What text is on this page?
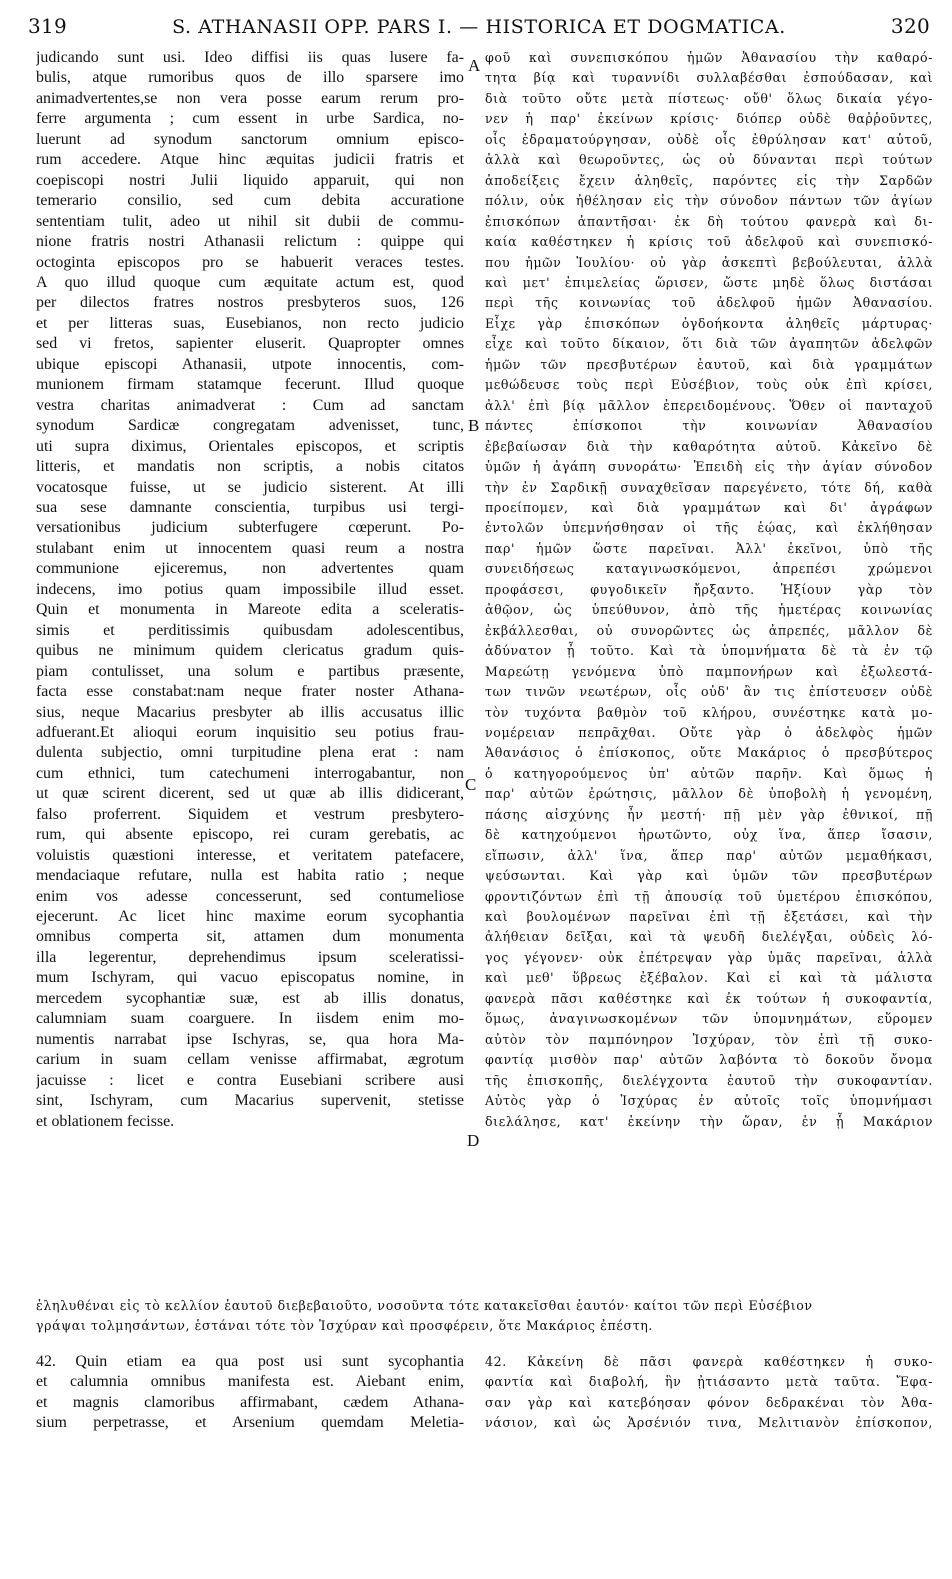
319	S. ATHANASII OPP. PARS I. — HISTORICA ET DOGMATICA.	320
judicando sunt usi. Ideo diffisi iis quas lusere fa-
bulis, atque rumoribus quos de illo sparsere imo
animadvertentes,se non vera posse earum rerum pro-
ferre argumenta ; cum essent in urbe Sardica, no-
luerunt ad synodum sanctorum omnium episco-
rum accedere. Atque hinc æquitas judicii fratris et
coepiscopi nostri Julii liquido apparuit, qui non
temerario consilio, sed cum debita accuratione
sententiam tulit, adeo ut nihil sit dubii de commu-
nione fratris nostri Athanasii relictum : quippe qui
octoginta episcopos pro se habuerit veraces testes.
A quo illud quoque cum æquitate actum est, quod
per dilectos fratres nostros presbyteros suos, 126
et per litteras suas, Eusebianos, non recto judicio
sed vi fretos, sapienter eluserit. Quapropter omnes
ubique episcopi Athanasii, utpote innocentis, com-
munionem firmam statamque fecerunt. Illud quoque
vestra charitas animadverat : Cum ad sanctam
synodum Sardicæ congregatam advenisset, tunc,
uti supra diximus, Orientales episcopos, et scriptis
litteris, et mandatis non scriptis, a nobis citatos
vocatosque fuisse, ut se judicio sisterent. At illi
sua sese damnante conscientia, turpibus usi tergi-
versationibus judicium subterfugere cœperunt. Po-
stulabant enim ut innocentem quasi reum a nostra
communione ejiceremus, non advertentes quam
indecens, imo potius quam impossibile illud esset.
Quin et monumenta in Mareote edita a sceleratis-
simis et perditissimis quibusdam adolescentibus,
quibus ne minimum quidem clericatus gradum quis-
piam contulisset, una solum e partibus præsente,
facta esse constabat:nam neque frater noster Athana-
sius, neque Macarius presbyter ab illis accusatus illic
adfuerant.Et alioqui eorum inquisitio seu potius frau-
dulenta subjectio, omni turpitudine plena erat : nam
cum ethnici, tum catechumeni interrogabantur, non
ut quæ scirent dicerent, sed ut quæ ab illis didicerant,
falso proferrent. Siquidem et vestrum presbytero-
rum, qui absente episcopo, rei curam gerebatis, ac
voluistis quæstioni interesse, et veritatem patefacere,
mendaciaque refutare, nulla est habita ratio ; neque
enim vos adesse concesserunt, sed contumeliose
ejecerunt. Ac licet hinc maxime eorum sycophantia
omnibus comperta sit, attamen dum monumenta
illa legerentur, deprehendimus ipsum sceleratissi-
mum Ischyram, qui vacuo episcopatus nomine, in
mercedem sycophantiæ suæ, est ab illis donatus,
calumniam suam coarguere. In iisdem enim mo-
numentis narrabat ipse Ischyras, se, qua hora Ma-
carium in suam cellam venisse affirmabat, ægrotum
jacuisse : licet e contra Eusebiani scribere ausi
sint, Ischyram, cum Macarius supervenit, stetisse
et oblationem fecisse.
φοῦ καὶ συνεπισκόπου ἡμῶν Ἀθανασίου τὴν καθαρό-
τητα βίᾳ καὶ τυραννίδι συλλαβέσθαι ἐσπούδασαν, καὶ
διὰ τοῦτο οὔτε μετὰ πίστεως· οὔθ' ὅλως δικαία γέγο-
νεν ἡ παρ' ἐκείνων κρίσις· διόπερ οὐδὲ θαῤῥοῦντες,
οἷς ἐδραματούργησαν, οὐδὲ οἷς ἐθρύλησαν κατ' αὐτοῦ,
ἀλλὰ καὶ θεωροῦντες, ὡς οὐ δύνανται περὶ τούτων
ἀποδείξεις ἔχειν ἀληθεῖς, παρόντες εἰς τὴν Σαρδῶν
πόλιν, οὐκ ἠθέλησαν εἰς τὴν σύνοδον πάντων τῶν ἁγίων
ἐπισκόπων ἀπαντῆσαι· ἐκ δὴ τούτου φανερὰ καὶ δι-
καία καθέστηκεν ἡ κρίσις τοῦ ἀδελφοῦ καὶ συνεπισκό-
που ἡμῶν Ἰουλίου· οὐ γὰρ ἀσκεπτὶ βεβούλευται, ἀλλὰ
καὶ μετ' ἐπιμελείας ὥρισεν, ὥστε μηδὲ ὅλως διστάσαι
περὶ τῆς κοινωνίας τοῦ ἀδελφοῦ ἡμῶν Ἀθανασίου.
Εἶχε γὰρ ἐπισκόπων ὀγδοήκοντα ἀληθεῖς μάρτυρας·
εἶχε καὶ τοῦτο δίκαιον, ὅτι διὰ τῶν ἀγαπητῶν ἀδελφῶν
ἡμῶν τῶν πρεσβυτέρων ἑαυτοῦ, καὶ διὰ γραμμάτων
μεθώδευσε τοὺς περὶ Εὐσέβιον, τοὺς οὐκ ἐπὶ κρίσει,
ἀλλ' ἐπὶ βίᾳ μᾶλλον ἐπερειδομένους. Ὅθεν οἱ πανταχοῦ
πάντες ἐπίσκοποι τὴν κοινωνίαν Ἀθανασίου
ἐβεβαίωσαν διὰ τὴν καθαρότητα αὐτοῦ. Κἀκεῖνο δὲ
ὑμῶν ἡ ἀγάπη συνοράτω· Ἐπειδὴ εἰς τὴν ἁγίαν σύνοδον
τὴν ἐν Σαρδικῇ συναχθεῖσαν παρεγένετο, τότε δή, καθὰ
προείπομεν, καὶ διὰ γραμμάτων καὶ δι' ἀγράφων
ἐντολῶν ὑπεμνήσθησαν οἱ τῆς ἑῴας, καὶ ἐκλήθησαν
παρ' ἡμῶν ὥστε παρεῖναι. Ἀλλ' ἐκεῖνοι, ὑπὸ τῆς
συνειδήσεως καταγινωσκόμενοι, ἀπρεπέσι χρώμενοι
προφάσεσι, φυγοδικεῖν ἤρξαντο. Ἠξίουν γὰρ τὸν
ἀθῷον, ὡς ὑπεύθυνον, ἀπὸ τῆς ἡμετέρας κοινωνίας
ἐκβάλλεσθαι, οὐ συνορῶντες ὡς ἀπρεπές, μᾶλλον δὲ
ἀδύνατον ᾖ τοῦτο. Καὶ τὰ ὑπομνήματα δὲ τὰ ἐν τῷ
Μαρεώτῃ γενόμενα ὑπὸ παμπονήρων καὶ ἐξωλεστά-
των τινῶν νεωτέρων, οἷς οὐδ' ἂν τις ἐπίστευσεν οὐδὲ
τὸν τυχόντα βαθμὸν τοῦ κλήρου, συνέστηκε κατὰ μο-
νομέρειαν πεπρᾶχθαι. Οὔτε γὰρ ὁ ἀδελφὸς ἡμῶν
Ἀθανάσιος ὁ ἐπίσκοπος, οὔτε Μακάριος ὁ πρεσβύτερος
ὁ κατηγορούμενος ὑπ' αὐτῶν παρῆν. Καὶ ὅμως ἡ
παρ' αὐτῶν ἐρώτησις, μᾶλλον δὲ ὑποβολὴ ἡ γενομένη,
πάσης αἰσχύνης ἦν μεστή· πῇ μὲν γὰρ ἐθνικοί, πῇ
δὲ κατηχούμενοι ἠρωτῶντο, οὐχ ἵνα, ἅπερ ἴσασιν,
εἴπωσιν, ἀλλ' ἵνα, ἅπερ παρ' αὐτῶν μεμαθήκασι,
ψεύσωνται. Καὶ γὰρ καὶ ὑμῶν τῶν πρεσβυτέρων
φροντιζόντων ἐπὶ τῇ ἀπουσίᾳ τοῦ ὑμετέρου ἐπισκόπου,
καὶ βουλομένων παρεῖναι ἐπὶ τῇ ἐξετάσει, καὶ τὴν
ἀλήθειαν δεῖξαι, καὶ τὰ ψευδῆ διελέγξαι, οὐδεὶς λό-
γος γέγονεν· οὐκ ἐπέτρεψαν γὰρ ὑμᾶς παρεῖναι, ἀλλὰ
καὶ μεθ' ὕβρεως ἐξέβαλον. Καὶ εἰ καὶ τὰ μάλιστα
φανερὰ πᾶσι καθέστηκε καὶ ἐκ τούτων ἡ συκοφαντία,
ὅμως, ἀναγινωσκομένων τῶν ὑπομνημάτων, εὕρομεν
αὐτὸν τὸν παμπόνηρον Ἰσχύραν, τὸν ἐπὶ τῇ συκο-
φαντίᾳ μισθὸν παρ' αὐτῶν λαβόντα τὸ δοκοῦν ὄνομα
τῆς ἐπισκοπῆς, διελέγχοντα ἑαυτοῦ τὴν συκοφαντίαν.
Αὐτὸς γὰρ ὁ Ἰσχύρας ἐν αὐτοῖς τοῖς ὑπομνήμασι
διελάλησε, κατ' ἐκείνην τὴν ὥραν, ἐν ᾗ Μακάριον
A
B
C
D
ἐληλυθέναι εἰς τὸ κελλίον ἑαυτοῦ διεβεβαιοῦτο, νοσοῦντα τότε κατακεῖσθαι ἑαυτόν· καίτοι τῶν περὶ Εὐσέβιον
γράψαι τολμησάντων, ἑστάναι τότε τὸν Ἰσχύραν καὶ προσφέρειν, ὅτε Μακάριος ἐπέστη.
42. Quin etiam ea qua post usi sunt sycophantia
et calumnia omnibus manifesta est. Aiebant enim,
et magnis clamoribus affirmabant, cædem Athana-
sium perpetrasse, et Arsenium quemdam Meletia-
42. Κἀκείνη δὲ πᾶσι φανερὰ καθέστηκεν ἡ συκο-
φαντία καὶ διαβολή, ἣν ᾐτιάσαντο μετὰ ταῦτα. Ἔφα-
σαν γὰρ καὶ κατεβόησαν φόνον δεδρακέναι τὸν Ἀθα-
νάσιον, καὶ ὡς Ἀρσένιόν τινα, Μελιτιανὸν ἐπίσκοπον,
